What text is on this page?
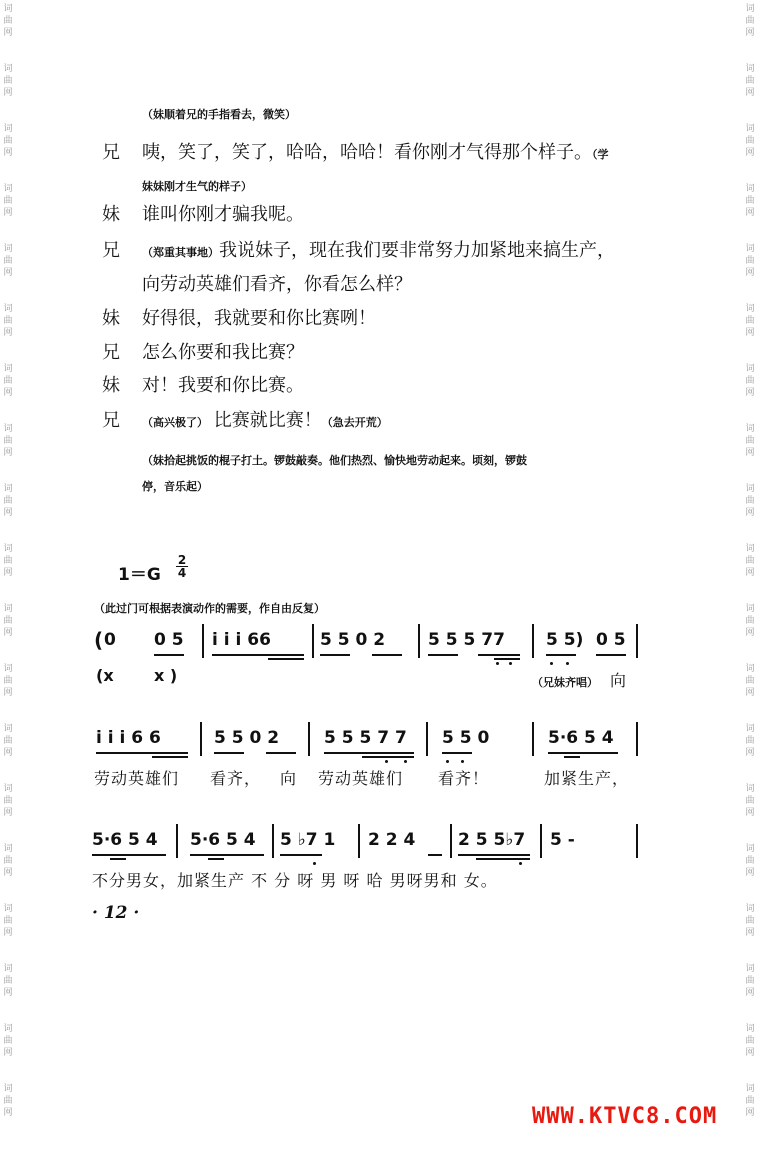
词
曲
网
词
曲
网
词
曲
网
词
曲
网
词
曲
网
词
曲
网
词
曲
网
词
曲
网
词
曲
网
词
曲
网
词
曲
网
词
曲
网
词
曲
网
词
曲
网
词
曲
网
词
曲
网
词
曲
网
词
曲
网
词
曲
网
词
曲
网
词
曲
网
词
曲
网
词
曲
网
词
曲
网
词
曲
网
词
曲
网
词
曲
网
词
曲
网
词
曲
网
词
曲
网
词
曲
网
词
曲
网
词
曲
网
词
曲
网
词
曲
网
词
曲
网
词
曲
网
词
曲
网
（妹顺着兄的手指看去，微笑）
兄 咦，笑了，笑了，哈哈，哈哈！看你刚才气得那个样子。（学
妹妹刚才生气的样子）
妹 谁叫你刚才骗我呢。
兄 （郑重其事地）我说妹子，现在我们要非常努力加紧地来搞生产，
向劳动英雄们看齐，你看怎么样？
妹 好得很，我就要和你比赛咧！
兄 怎么你要和我比赛？
妹 对！我要和你比赛。
兄 （高兴极了） 比赛就比赛！（急去开荒）
（妹拾起挑饭的棍子打土。锣鼓敲奏。他们热烈、愉快地劳动起来。顷刻，锣鼓
停，音乐起）
1＝G
2
4
（此过门可根据表演动作的需要，作自由反复）
( 0 0 5 i i i 66	5 5 0 2	5 5 5 77 5 5) 0 5
(x	x )	（兄妹齐唱） 向
i i i 6 6	5 5 0 2	5 5 5 7 7 5 5 0	5·6 5 4
劳动英雄们 看齐， 向 劳动英雄们 看齐！	加紧生产，
5·6 5 4 5·6 5 4 5 ♭7 1 2 2 4	2 5 5♭7 5 -
不分男女，加紧生产 不 分 呀 男 呀 哈 男呀男和 女。
· 12 ·
WWW.KTVC8.COM
